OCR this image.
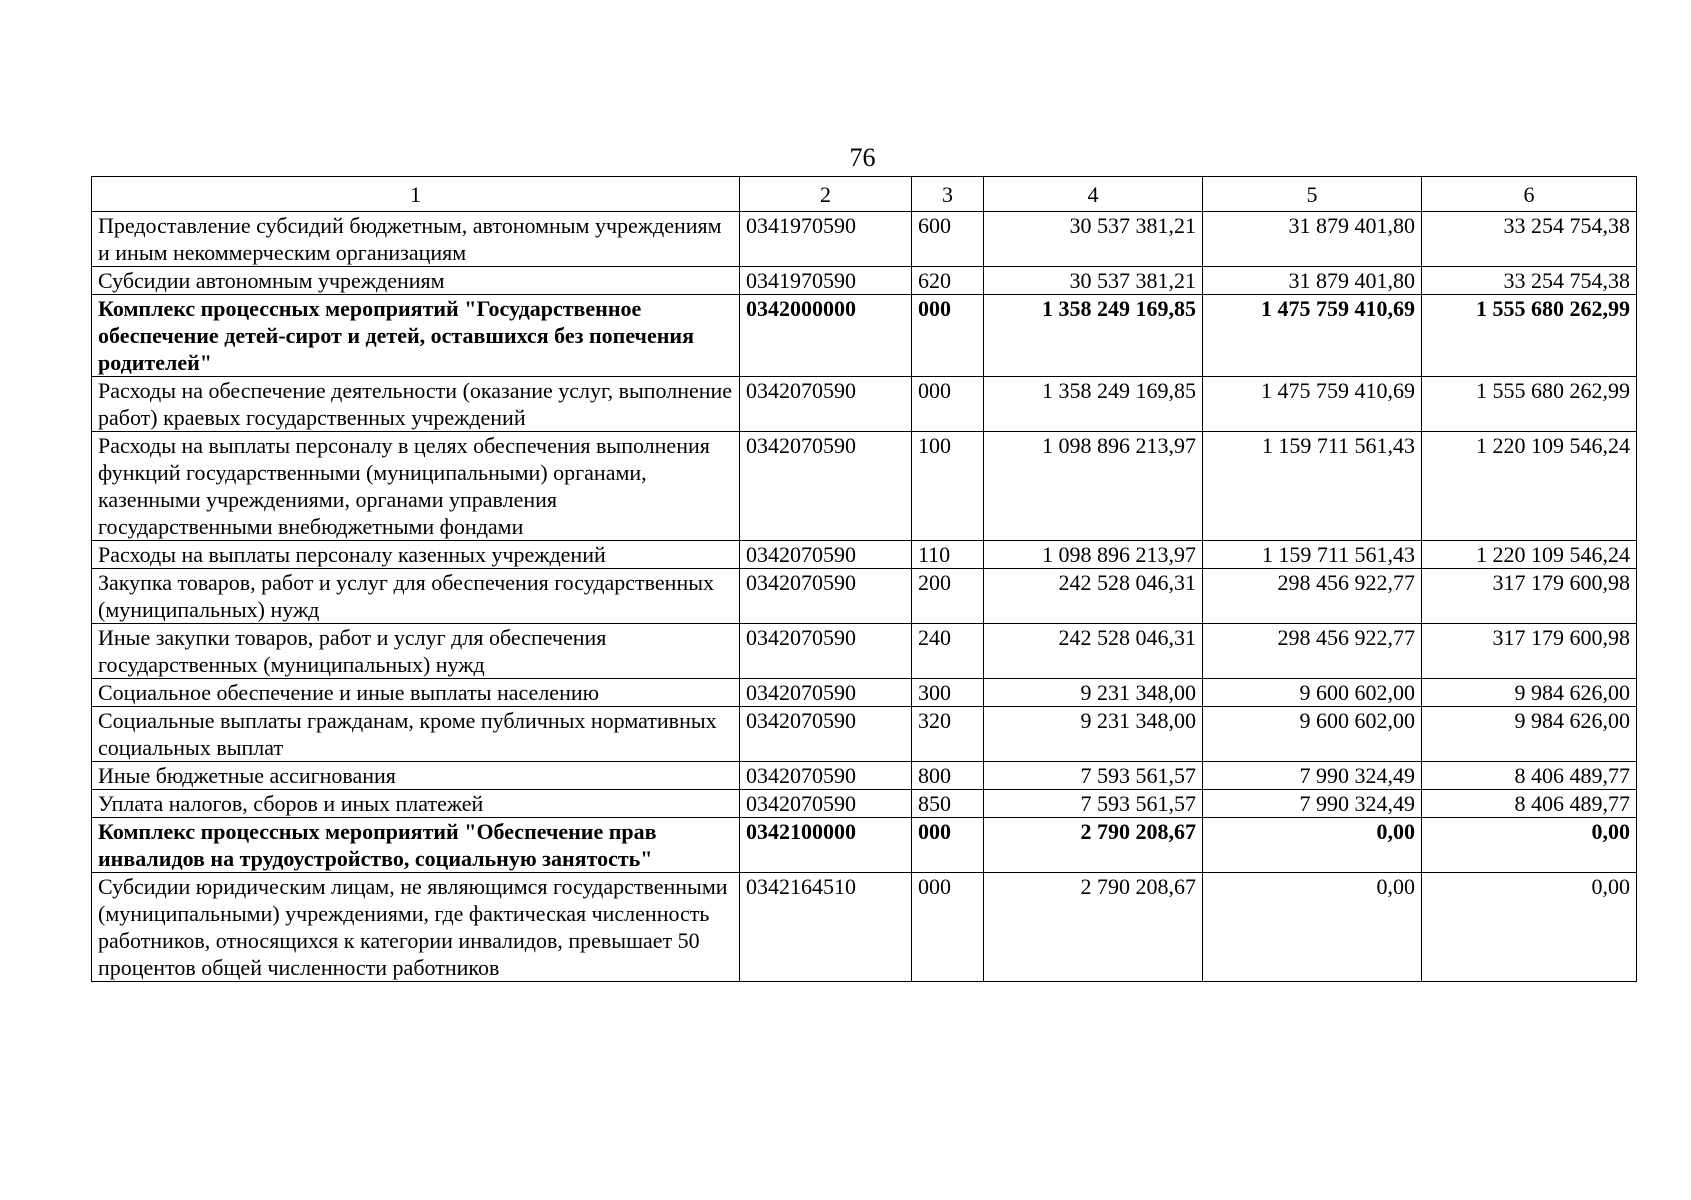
76
1	2	3	4	5	6
Предоставление субсидий бюджетным, автономным учреждениям и иным некоммерческим организациям	0341970590	600	30 537 381,21	31 879 401,80	33 254 754,38
Субсидии автономным учреждениям	0341970590	620	30 537 381,21	31 879 401,80	33 254 754,38
Комплекс процессных мероприятий "Государственное обеспечение детей-сирот и детей, оставшихся без попечения родителей"	0342000000	000	1 358 249 169,85	1 475 759 410,69	1 555 680 262,99
Расходы на обеспечение деятельности (оказание услуг, выполнение работ) краевых государственных учреждений	0342070590	000	1 358 249 169,85	1 475 759 410,69	1 555 680 262,99
Расходы на выплаты персоналу в целях обеспечения выполнения функций государственными (муниципальными) органами, казенными учреждениями, органами управления государственными внебюджетными фондами	0342070590	100	1 098 896 213,97	1 159 711 561,43	1 220 109 546,24
Расходы на выплаты персоналу казенных учреждений	0342070590	110	1 098 896 213,97	1 159 711 561,43	1 220 109 546,24
Закупка товаров, работ и услуг для обеспечения государственных (муниципальных) нужд	0342070590	200	242 528 046,31	298 456 922,77	317 179 600,98
Иные закупки товаров, работ и услуг для обеспечения государственных (муниципальных) нужд	0342070590	240	242 528 046,31	298 456 922,77	317 179 600,98
Социальное обеспечение и иные выплаты населению	0342070590	300	9 231 348,00	9 600 602,00	9 984 626,00
Социальные выплаты гражданам, кроме публичных нормативных социальных выплат	0342070590	320	9 231 348,00	9 600 602,00	9 984 626,00
Иные бюджетные ассигнования	0342070590	800	7 593 561,57	7 990 324,49	8 406 489,77
Уплата налогов, сборов и иных платежей	0342070590	850	7 593 561,57	7 990 324,49	8 406 489,77
Комплекс процессных мероприятий "Обеспечение прав инвалидов на трудоустройство, социальную занятость"	0342100000	000	2 790 208,67	0,00	0,00
Субсидии юридическим лицам, не являющимся государственными (муниципальными) учреждениями, где фактическая численность работников, относящихся к категории инвалидов, превышает 50 процентов общей численности работников	0342164510	000	2 790 208,67	0,00	0,00
